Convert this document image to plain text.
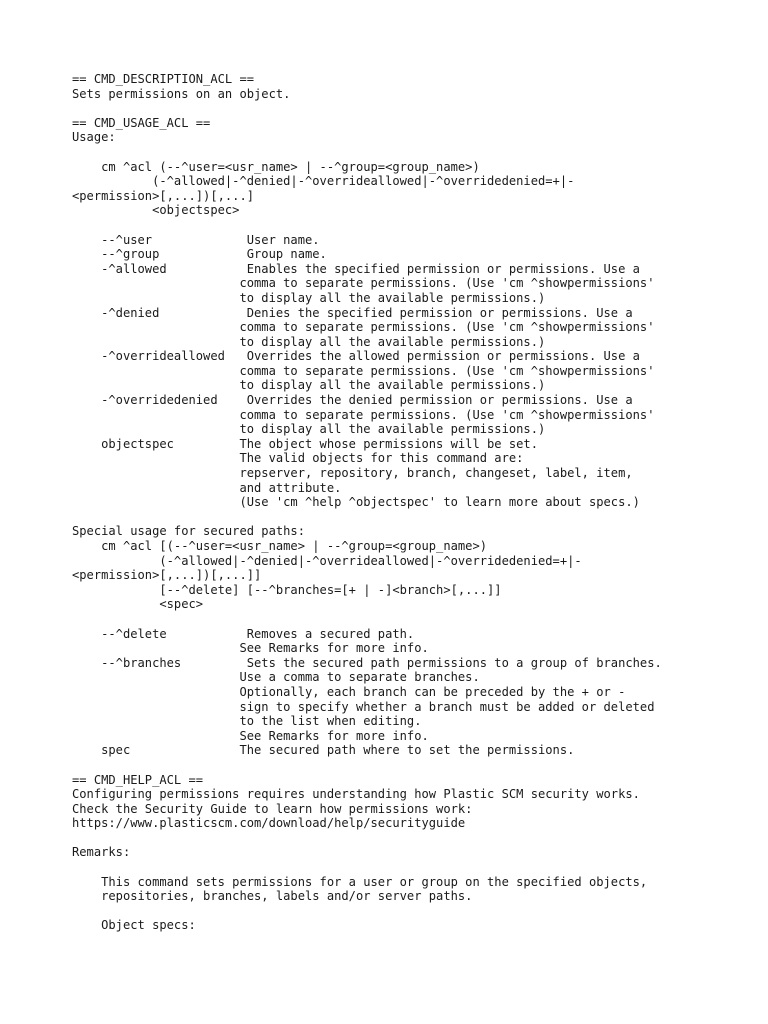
== CMD_DESCRIPTION_ACL ==
Sets permissions on an object.
== CMD_USAGE_ACL ==
Usage:
cm ^acl (--^user=<usr_name> | --^group=<group_name>)
(-^allowed|-^denied|-^overrideallowed|-^overridedenied=+|-
<permission>[,...])[,...]
<objectspec>
--^user             User name.
--^group            Group name.
-^allowed           Enables the specified permission or permissions. Use a
comma to separate permissions. (Use 'cm ^showpermissions'
to display all the available permissions.)
-^denied            Denies the specified permission or permissions. Use a
comma to separate permissions. (Use 'cm ^showpermissions'
to display all the available permissions.)
-^overrideallowed   Overrides the allowed permission or permissions. Use a
comma to separate permissions. (Use 'cm ^showpermissions'
to display all the available permissions.)
-^overridedenied    Overrides the denied permission or permissions. Use a
comma to separate permissions. (Use 'cm ^showpermissions'
to display all the available permissions.)
objectspec         The object whose permissions will be set.
The valid objects for this command are:
repserver, repository, branch, changeset, label, item,
and attribute.
(Use 'cm ^help ^objectspec' to learn more about specs.)
Special usage for secured paths:
cm ^acl [(--^user=<usr_name> | --^group=<group_name>)
(-^allowed|-^denied|-^overrideallowed|-^overridedenied=+|-
<permission>[,...])[,...]]
[--^delete] [--^branches=[+ | -]<branch>[,...]]
<spec>
--^delete           Removes a secured path.
See Remarks for more info.
--^branches         Sets the secured path permissions to a group of branches.
Use a comma to separate branches.
Optionally, each branch can be preceded by the + or -
sign to specify whether a branch must be added or deleted
to the list when editing.
See Remarks for more info.
spec               The secured path where to set the permissions.
== CMD_HELP_ACL ==
Configuring permissions requires understanding how Plastic SCM security works.
Check the Security Guide to learn how permissions work:
https://www.plasticscm.com/download/help/securityguide
Remarks:
This command sets permissions for a user or group on the specified objects,
repositories, branches, labels and/or server paths.
Object specs:
